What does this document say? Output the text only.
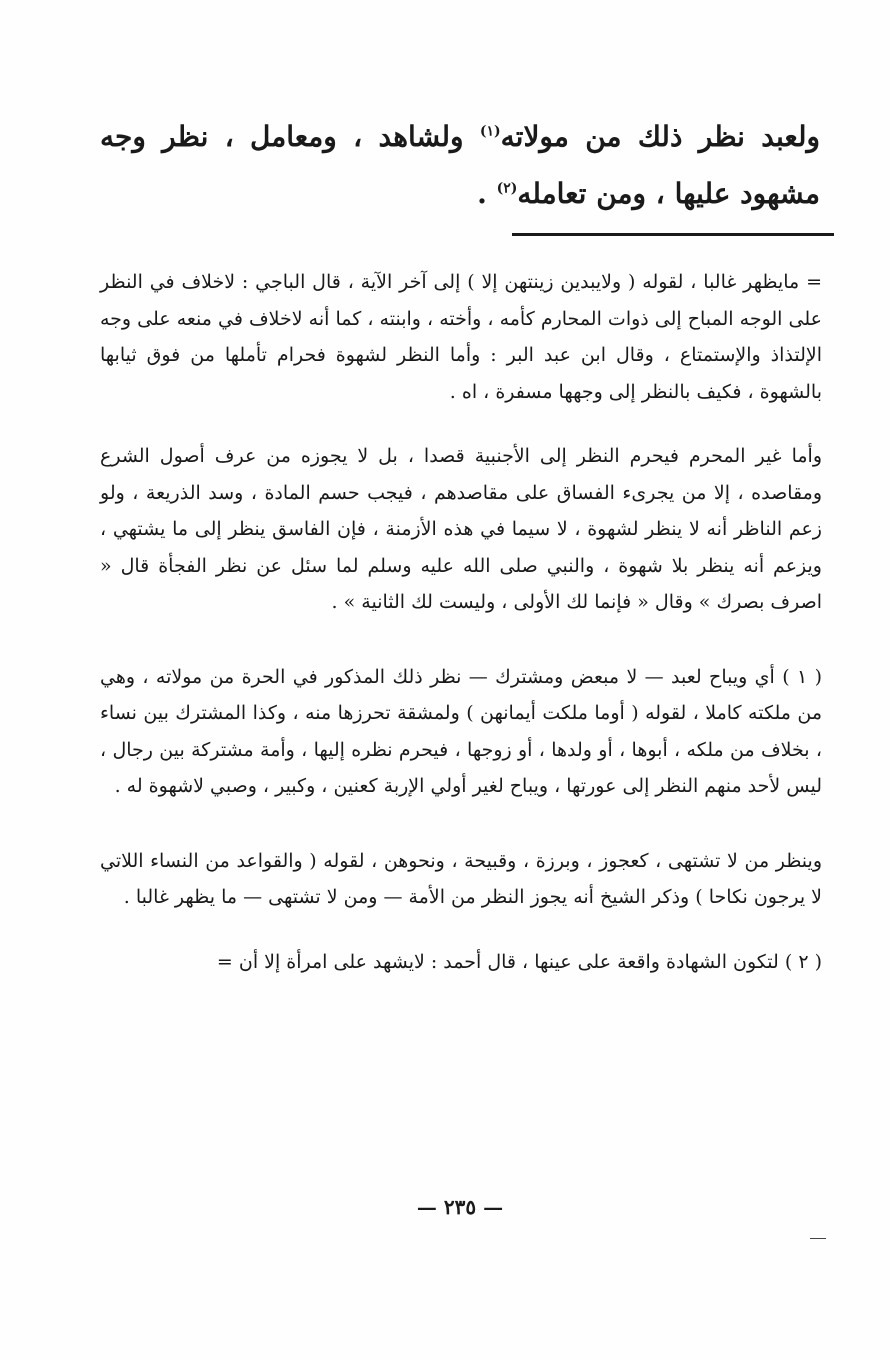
ولعبد نظر ذلك من مولاته$^{(١)}$ ولشاهد ، ومعامل ، نظر وجه مشهود عليها ، ومن تعامله$^{(٢)}$ .

= مايظهر غالبا ، لقوله ( ولايبدين زينتهن إلا ) إلى آخر الآية ، قال الباجي : لاخلاف في النظر على الوجه المباح إلى ذوات المحارم كأمه ، وأخته ، وابنته ، كما أنه لاخلاف في منعه على وجه الإلتذاذ والإستمتاع ، وقال ابن عبد البر : وأما النظر لشهوة فحرام تأملها من فوق ثيابها بالشهوة ، فكيف بالنظر إلى وجهها مسفرة ، اه .

وأما غير المحرم فيحرم النظر إلى الأجنبية قصدا ، بل لا يجوزه من عرف أصول الشرع ومقاصده ، إلا من يجرىء الفساق على مقاصدهم ، فيجب حسم المادة ، وسد الذريعة ، ولو زعم الناظر أنه لا ينظر لشهوة ، لا سيما في هذه الأزمنة ، فإن الفاسق ينظر إلى ما يشتهي ، ويزعم أنه ينظر بلا شهوة ، والنبي صلى الله عليه وسلم لما سئل عن نظر الفجأة قال « اصرف بصرك » وقال « فإنما لك الأولى ، وليست لك الثانية » .

( ١ ) أي ويباح لعبد — لا مبعض ومشترك — نظر ذلك المذكور في الحرة من مولاته ، وهي من ملكته كاملا ، لقوله ( أوما ملكت أيمانهن ) ولمشقة تحرزها منه ، وكذا المشترك بين نساء ، بخلاف من ملكه ، أبوها ، أو ولدها ، أو زوجها ، فيحرم نظره إليها ، وأمة مشتركة بين رجال ، ليس لأحد منهم النظر إلى عورتها ، ويباح لغير أولي الإربة كعنين ، وكبير ، وصبي لاشهوة له .

وينظر من لا تشتهى ، كعجوز ، وبرزة ، وقبيحة ، ونحوهن ، لقوله ( والقواعد من النساء اللاتي لا يرجون نكاحا ) وذكر الشيخ أنه يجوز النظر من الأمة — ومن لا تشتهى — ما يظهر غالبا .

( ٢ ) لتكون الشهادة واقعة على عينها ، قال أحمد : لايشهد على امرأة إلا أن =

— ٢٣٥ —
